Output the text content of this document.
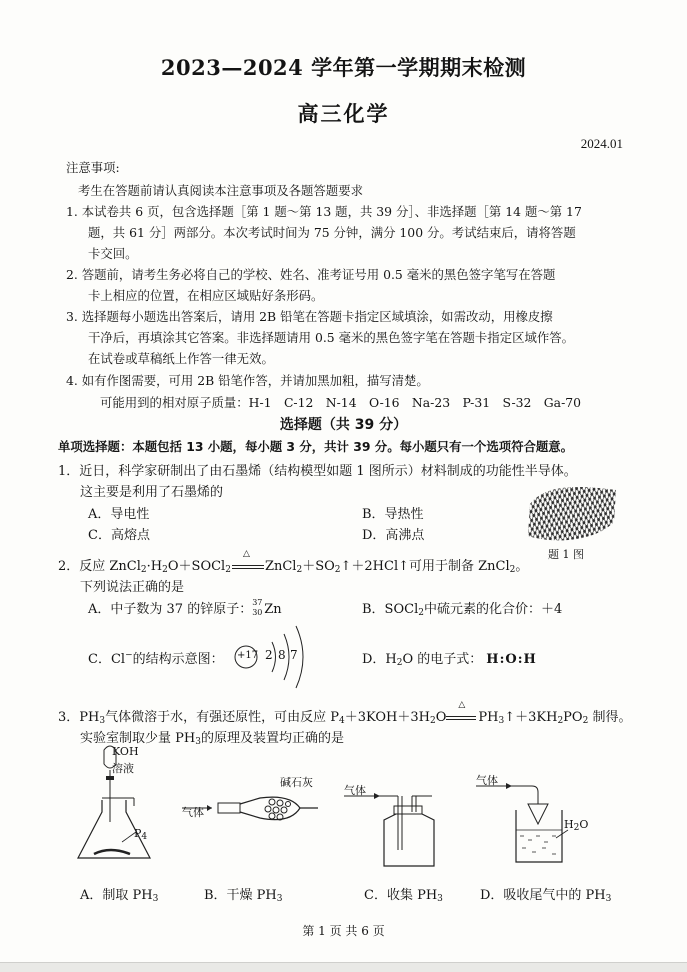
2023—2024 学年第一学期期末检测
高三化学
2024.01
注意事项:
考生在答题前请认真阅读本注意事项及各题答题要求
1. 本试卷共 6 页，包含选择题［第 1 题～第 13 题，共 39 分］、非选择题［第 14 题～第 17
题，共 61 分］两部分。本次考试时间为 75 分钟，满分 100 分。考试结束后，请将答题
卡交回。
2. 答题前，请考生务必将自己的学校、姓名、准考证号用 0.5 毫米的黑色签字笔写在答题
卡上相应的位置，在相应区域贴好条形码。
3. 选择题每小题选出答案后，请用 2B 铅笔在答题卡指定区域填涂，如需改动，用橡皮擦
干净后，再填涂其它答案。非选择题请用 0.5 毫米的黑色签字笔在答题卡指定区域作答。
在试卷或草稿纸上作答一律无效。
4. 如有作图需要，可用 2B 铅笔作答，并请加黑加粗，描写清楚。
可能用到的相对原子质量：H-1　C-12　N-14　O-16　Na-23　P-31　S-32　Ga-70
选择题（共 39 分）
单项选择题：本题包括 13 小题，每小题 3 分，共计 39 分。每小题只有一个选项符合题意。
1．近日，科学家研制出了由石墨烯（结构模型如题 1 图所示）材料制成的功能性半导体。
这主要是利用了石墨烯的
A．导电性	B．导热性
C．高熔点	D．高沸点
题 1 图
2．反应 $ZnCl_2\cdot H_2O+SOCl_2$
△
$ZnCl_2+SO_2↑+2HCl↑$可用于制备 ZnCl$_2$。
下列说法正确的是
A．中子数为 37 的锌原子： 37
30 Zn	B．SOCl$_2$中硫元素的化合价：＋4
C．Cl−的结构示意图： +17 2 8 7	D．$H_2O$ 的电子式： H:O:H
3．$PH_3$气体微溶于水，有强还原性，可由反应 $P_4+3KOH+3H_2O$
△
$PH_3↑+3KH_2PO_2$ 制得。
实验室制取少量 $PH_3$的原理及装置均正确的是
KOH
溶液
$P_4$
气体
碱石灰
气体
气体
$H_2O$
A．制取 $PH_3$	B．干燥 $PH_3$	C．收集 $PH_3$	D．吸收尾气中的 $PH_3$
第 1 页 共 6 页
